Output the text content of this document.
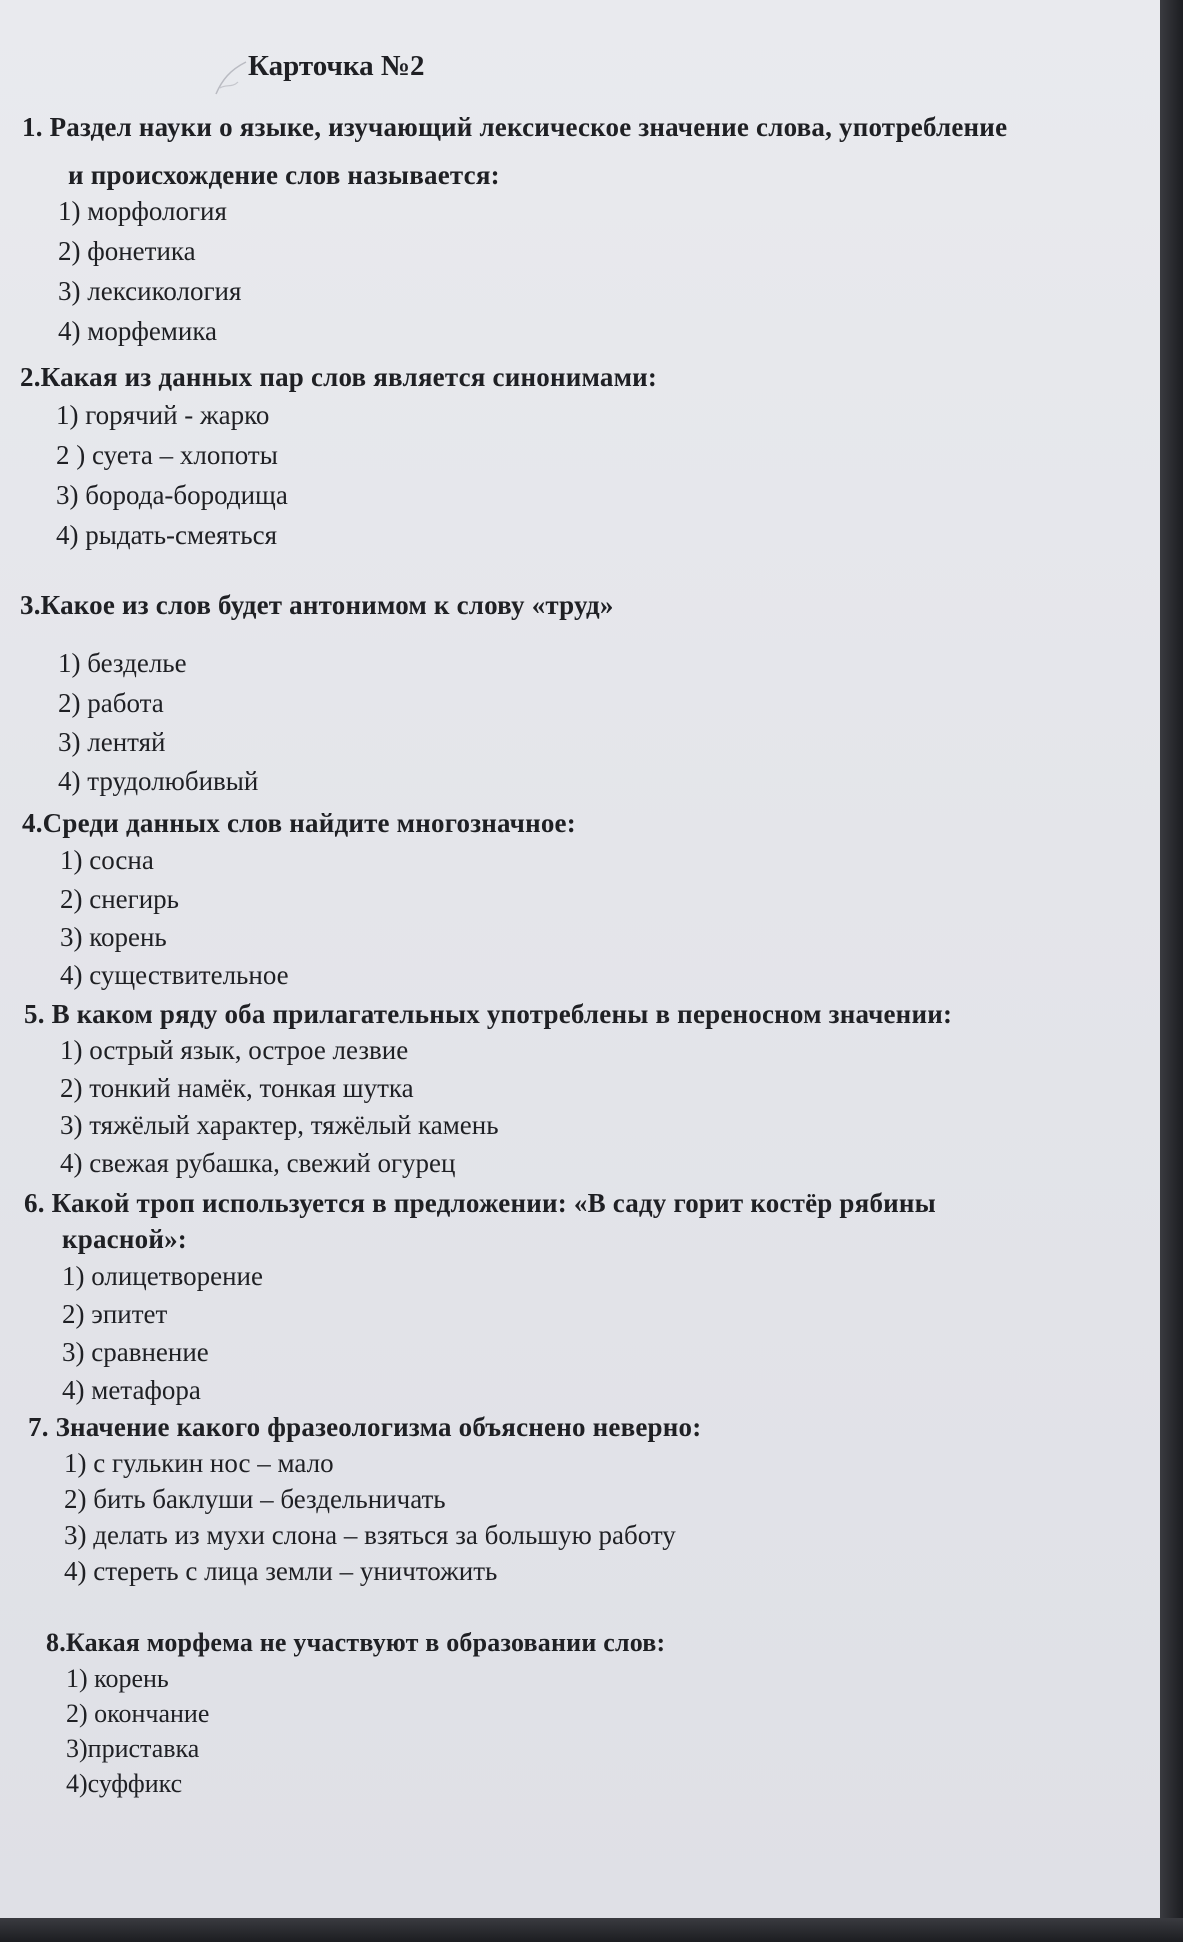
Карточка №2
1. Раздел науки о языке, изучающий лексическое значение слова, употребление
и происхождение слов называется:
1) морфология
2) фонетика
3) лексикология
4) морфемика
2.Какая из данных пар слов является синонимами:
1) горячий - жарко
2 ) суета – хлопоты
3) борода-бородища
4) рыдать-смеяться
3.Какое из слов будет антонимом к слову «труд»
1) безделье
2) работа
3) лентяй
4) трудолюбивый
4.Среди данных слов найдите многозначное:
1) сосна
2) снегирь
3) корень
4) существительное
5. В каком ряду оба прилагательных употреблены в переносном значении:
1) острый язык, острое лезвие
2) тонкий намёк, тонкая шутка
3) тяжёлый характер, тяжёлый камень
4) свежая рубашка, свежий огурец
6. Какой троп используется в предложении: «В саду горит костёр рябины
красной»:
1) олицетворение
2) эпитет
3) сравнение
4) метафора
7. Значение какого фразеологизма объяснено неверно:
1) с гулькин нос – мало
2) бить баклуши – бездельничать
3) делать из мухи слона – взяться за большую работу
4) стереть с лица земли – уничтожить
8.Какая морфема не участвуют в образовании слов:
1) корень
2) окончание
3)приставка
4)суффикс
